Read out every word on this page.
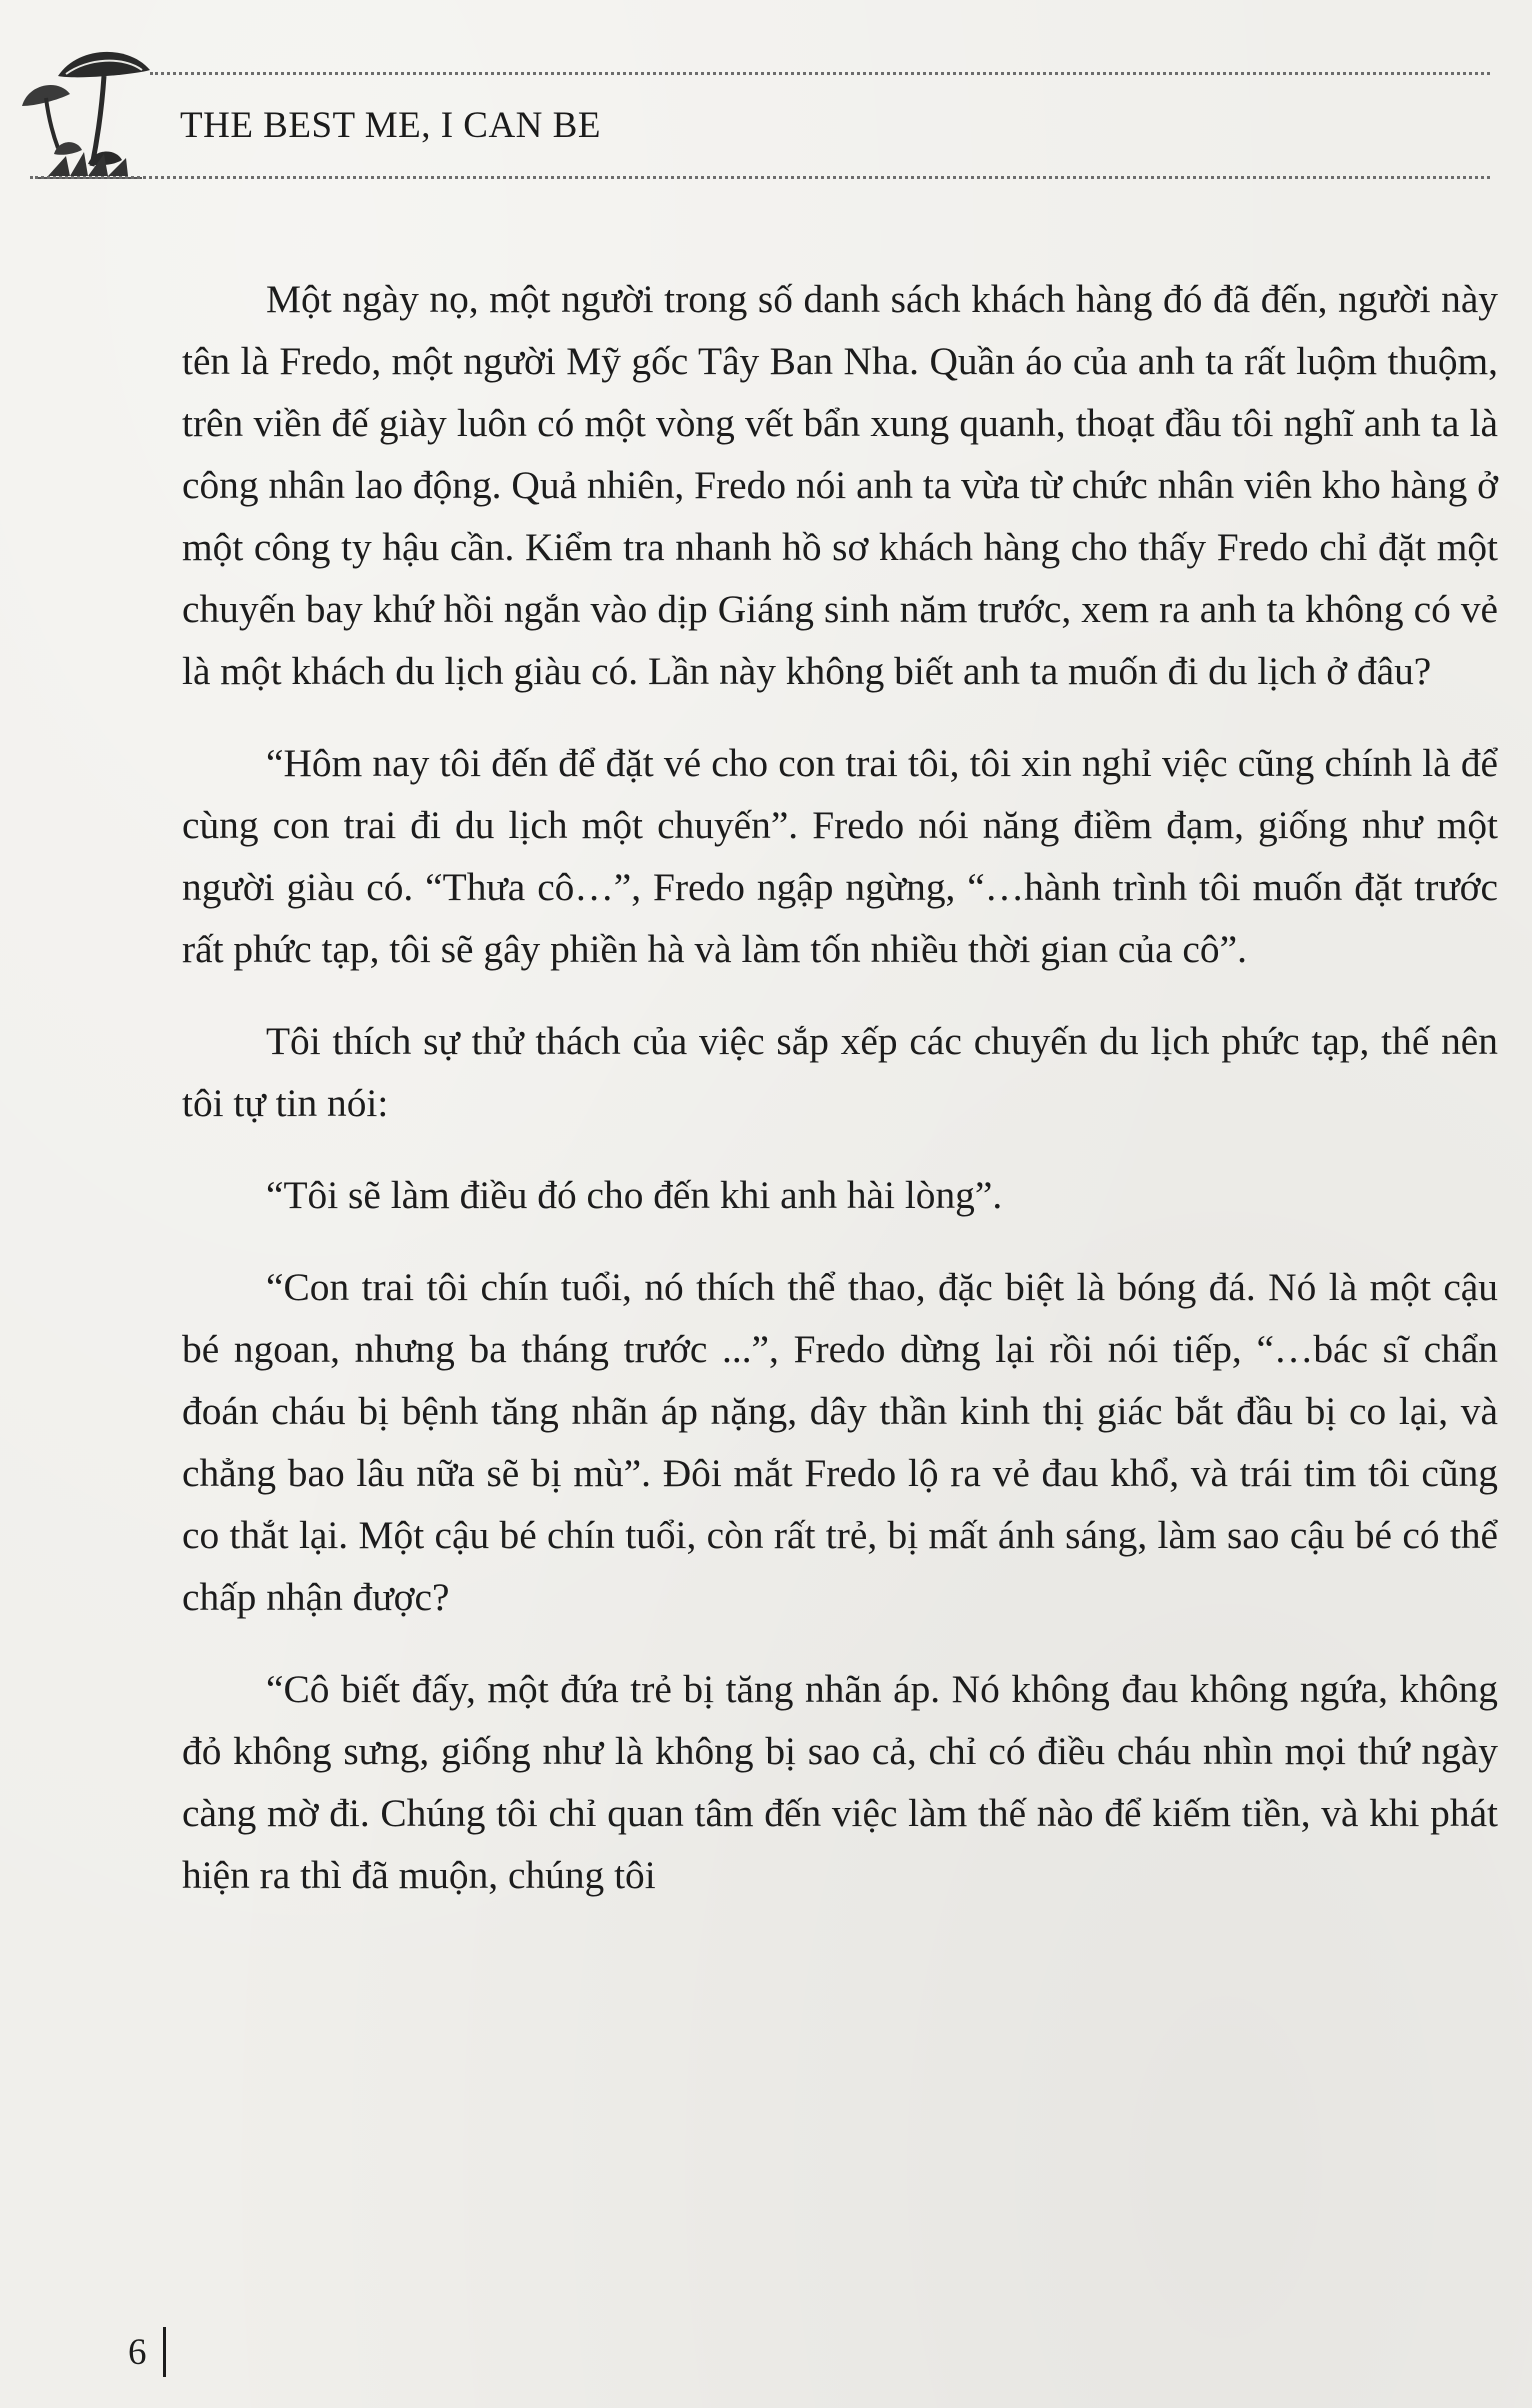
THE BEST ME, I CAN BE

Một ngày nọ, một người trong số danh sách khách hàng đó đã đến, người này tên là Fredo, một người Mỹ gốc Tây Ban Nha. Quần áo của anh ta rất luộm thuộm, trên viền đế giày luôn có một vòng vết bẩn xung quanh, thoạt đầu tôi nghĩ anh ta là công nhân lao động. Quả nhiên, Fredo nói anh ta vừa từ chức nhân viên kho hàng ở một công ty hậu cần. Kiểm tra nhanh hồ sơ khách hàng cho thấy Fredo chỉ đặt một chuyến bay khứ hồi ngắn vào dịp Giáng sinh năm trước, xem ra anh ta không có vẻ là một khách du lịch giàu có. Lần này không biết anh ta muốn đi du lịch ở đâu?

“Hôm nay tôi đến để đặt vé cho con trai tôi, tôi xin nghỉ việc cũng chính là để cùng con trai đi du lịch một chuyến”. Fredo nói năng điềm đạm, giống như một người giàu có. “Thưa cô…”, Fredo ngập ngừng, “…hành trình tôi muốn đặt trước rất phức tạp, tôi sẽ gây phiền hà và làm tốn nhiều thời gian của cô”.

Tôi thích sự thử thách của việc sắp xếp các chuyến du lịch phức tạp, thế nên tôi tự tin nói:

“Tôi sẽ làm điều đó cho đến khi anh hài lòng”.

“Con trai tôi chín tuổi, nó thích thể thao, đặc biệt là bóng đá. Nó là một cậu bé ngoan, nhưng ba tháng trước ...”, Fredo dừng lại rồi nói tiếp, “…bác sĩ chẩn đoán cháu bị bệnh tăng nhãn áp nặng, dây thần kinh thị giác bắt đầu bị co lại, và chẳng bao lâu nữa sẽ bị mù”. Đôi mắt Fredo lộ ra vẻ đau khổ, và trái tim tôi cũng co thắt lại. Một cậu bé chín tuổi, còn rất trẻ, bị mất ánh sáng, làm sao cậu bé có thể chấp nhận được?

“Cô biết đấy, một đứa trẻ bị tăng nhãn áp. Nó không đau không ngứa, không đỏ không sưng, giống như là không bị sao cả, chỉ có điều cháu nhìn mọi thứ ngày càng mờ đi. Chúng tôi chỉ quan tâm đến việc làm thế nào để kiếm tiền, và khi phát hiện ra thì đã muộn, chúng tôi

6
